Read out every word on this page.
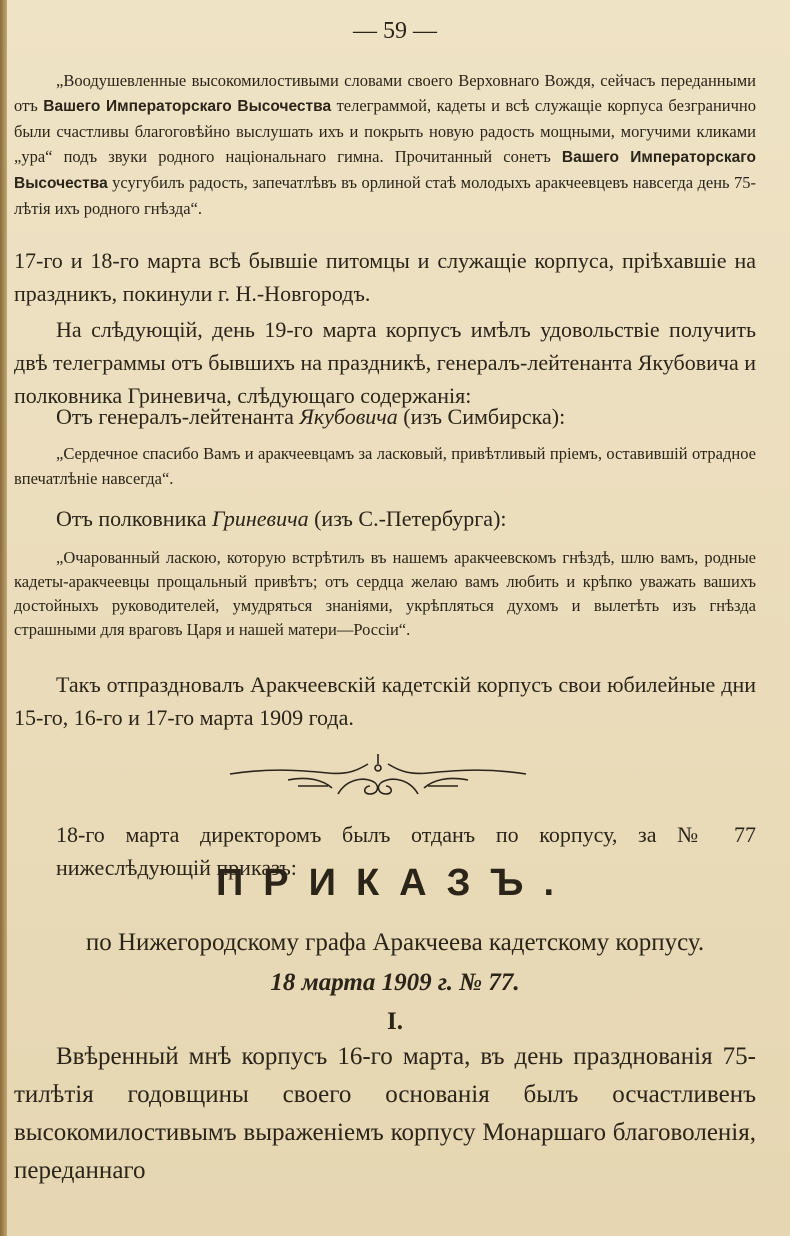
— 59 —

„Воодушевленные высокомилостивыми словами своего Верховнаго Вождя, сейчасъ переданными отъ Вашего Императорскаго Высочества телеграммой, кадеты и всѣ служащіе корпуса безгранично были счастливы благоговѣйно выслушать ихъ и покрыть новую радость мощными, могучими кликами „ура“ подъ звуки родного національнаго гимна. Прочитанный сонетъ Вашего Императорскаго Высочества усугубилъ радость, запечатлѣвъ въ орлиной стаѣ молодыхъ аракчеевцевъ навсегда день 75-лѣтія ихъ родного гнѣзда“.

17-го и 18-го марта всѣ бывшіе питомцы и служащіе корпуса, пріѣхавшіе на праздникъ, покинули г. Н.-Новгородъ.

На слѣдующій, день 19-го марта корпусъ имѣлъ удовольствіе получить двѣ телеграммы отъ бывшихъ на праздникѣ, генералъ-лейтенанта Якубовича и полковника Гриневича, слѣдующаго содержанія:

Отъ генералъ-лейтенанта Якубовича (изъ Симбирска):

„Сердечное спасибо Вамъ и аракчеевцамъ за ласковый, привѣтливый пріемъ, оставившій отрадное впечатлѣніе навсегда“.

Отъ полковника Гриневича (изъ С.-Петербурга):

„Очарованный ласкою, которую встрѣтилъ въ нашемъ аракчеевскомъ гнѣздѣ, шлю вамъ, родные кадеты-аракчеевцы прощальный привѣтъ; отъ сердца желаю вамъ любить и крѣпко уважать вашихъ достойныхъ руководителей, умудряться знаніями, укрѣпляться духомъ и вылетѣть изъ гнѣзда страшными для враговъ Царя и нашей матери—Россіи“.

Такъ отпраздновалъ Аракчеевскій кадетскій корпусъ свои юбилейные дни 15-го, 16-го и 17-го марта 1909 года.

18-го марта директоромъ былъ отданъ по корпусу, за № 77 нижеслѣдующій приказъ:

ПРИКАЗЪ.
по Нижегородскому графа Аракчеева кадетскому корпусу.
18 марта 1909 г. № 77.
I.

Ввѣренный мнѣ корпусъ 16-го марта, въ день празднованія 75-тилѣтія годовщины своего основанія былъ осчастливенъ высокомилостивымъ выраженіемъ корпусу Монаршаго благоволенія, переданнаго
